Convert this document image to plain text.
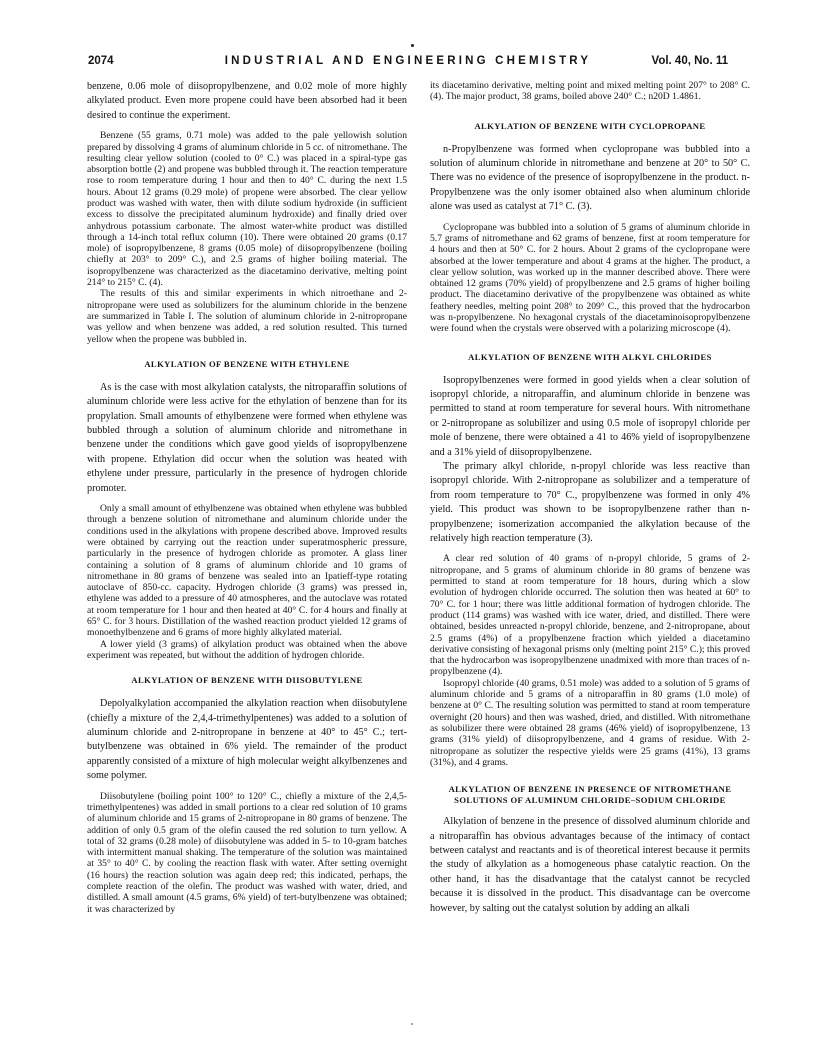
2074	INDUSTRIAL AND ENGINEERING CHEMISTRY	Vol. 40, No. 11

benzene, 0.06 mole of diisopropylbenzene, and 0.02 mole of more highly alkylated product. Even more propene could have been absorbed had it been desired to continue the experiment.

Benzene (55 grams, 0.71 mole) was added to the pale yellowish solution prepared by dissolving 4 grams of aluminum chloride in 5 cc. of nitromethane. The resulting clear yellow solution (cooled to 0° C.) was placed in a spiral-type gas absorption bottle (2) and propene was bubbled through it. The reaction temperature rose to room temperature during 1 hour and then to 40° C. during the next 1.5 hours. About 12 grams (0.29 mole) of propene were absorbed. The clear yellow product was washed with water, then with dilute sodium hydroxide (in sufficient excess to dissolve the precipitated aluminum hydroxide) and finally dried over anhydrous potassium carbonate. The almost water-white product was distilled through a 14-inch total reflux column (10). There were obtained 20 grams (0.17 mole) of isopropylbenzene, 8 grams (0.05 mole) of diisopropylbenzene (boiling chiefly at 203° to 209° C.), and 2.5 grams of higher boiling material. The isopropylbenzene was characterized as the diacetamino derivative, melting point 214° to 215° C. (4).

The results of this and similar experiments in which nitroethane and 2-nitropropane were used as solubilizers for the aluminum chloride in the benzene are summarized in Table I. The solution of aluminum chloride in 2-nitropropane was yellow and when benzene was added, a red solution resulted. This turned yellow when the propene was bubbled in.

ALKYLATION OF BENZENE WITH ETHYLENE

As is the case with most alkylation catalysts, the nitroparaffin solutions of aluminum chloride were less active for the ethylation of benzene than for its propylation. Small amounts of ethylbenzene were formed when ethylene was bubbled through a solution of aluminum chloride and nitromethane in benzene under the conditions which gave good yields of isopropylbenzene with propene. Ethylation did occur when the solution was heated with ethylene under pressure, particularly in the presence of hydrogen chloride promoter.

Only a small amount of ethylbenzene was obtained when ethylene was bubbled through a benzene solution of nitromethane and aluminum chloride under the conditions used in the alkylations with propene described above. Improved results were obtained by carrying out the reaction under superatmospheric pressure, particularly in the presence of hydrogen chloride as promoter. A glass liner containing a solution of 8 grams of aluminum chloride and 10 grams of nitromethane in 80 grams of benzene was sealed into an Ipatieff-type rotating autoclave of 850-cc. capacity. Hydrogen chloride (3 grams) was pressed in, ethylene was added to a pressure of 40 atmospheres, and the autoclave was rotated at room temperature for 1 hour and then heated at 40° C. for 4 hours and finally at 65° C. for 3 hours. Distillation of the washed reaction product yielded 12 grams of monoethylbenzene and 6 grams of more highly alkylated material.

A lower yield (3 grams) of alkylation product was obtained when the above experiment was repeated, but without the addition of hydrogen chloride.

ALKYLATION OF BENZENE WITH DIISOBUTYLENE

Depolyalkylation accompanied the alkylation reaction when diisobutylene (chiefly a mixture of the 2,4,4-trimethylpentenes) was added to a solution of aluminum chloride and 2-nitropropane in benzene at 40° to 45° C.; tert-butylbenzene was obtained in 6% yield. The remainder of the product apparently consisted of a mixture of high molecular weight alkylbenzenes and some polymer.

Diisobutylene (boiling point 100° to 120° C., chiefly a mixture of the 2,4,5-trimethylpentenes) was added in small portions to a clear red solution of 10 grams of aluminum chloride and 15 grams of 2-nitropropane in 80 grams of benzene. The addition of only 0.5 gram of the olefin caused the red solution to turn yellow. A total of 32 grams (0.28 mole) of diisobutylene was added in 5- to 10-gram batches with intermittent manual shaking. The temperature of the solution was maintained at 35° to 40° C. by cooling the reaction flask with water. After setting overnight (16 hours) the reaction solution was again deep red; this indicated, perhaps, the complete reaction of the olefin. The product was washed with water, dried, and distilled. A small amount (4.5 grams, 6% yield) of tert-butylbenzene was obtained; it was characterized by

its diacetamino derivative, melting point and mixed melting point 207° to 208° C. (4). The major product, 38 grams, boiled above 240° C.; n20D 1.4861.

ALKYLATION OF BENZENE WITH CYCLOPROPANE

n-Propylbenzene was formed when cyclopropane was bubbled into a solution of aluminum chloride in nitromethane and benzene at 20° to 50° C. There was no evidence of the presence of isopropylbenzene in the product. n-Propylbenzene was the only isomer obtained also when aluminum chloride alone was used as catalyst at 71° C. (3).

Cyclopropane was bubbled into a solution of 5 grams of aluminum chloride in 5.7 grams of nitromethane and 62 grams of benzene, first at room temperature for 4 hours and then at 50° C. for 2 hours. About 2 grams of the cyclopropane were absorbed at the lower temperature and about 4 grams at the higher. The product, a clear yellow solution, was worked up in the manner described above. There were obtained 12 grams (70% yield) of propylbenzene and 2.5 grams of higher boiling product. The diacetamino derivative of the propylbenzene was obtained as white feathery needles, melting point 208° to 209° C., this proved that the hydrocarbon was n-propylbenzene. No hexagonal crystals of the diacetaminoisopropylbenzene were found when the crystals were observed with a polarizing microscope (4).

ALKYLATION OF BENZENE WITH ALKYL CHLORIDES

Isopropylbenzenes were formed in good yields when a clear solution of isopropyl chloride, a nitroparaffin, and aluminum chloride in benzene was permitted to stand at room temperature for several hours. With nitromethane or 2-nitropropane as solubilizer and using 0.5 mole of isopropyl chloride per mole of benzene, there were obtained a 41 to 46% yield of isopropylbenzene and a 31% yield of diisopropylbenzene.

The primary alkyl chloride, n-propyl chloride was less reactive than isopropyl chloride. With 2-nitropropane as solubilizer and a temperature of from room temperature to 70° C., propylbenzene was formed in only 4% yield. This product was shown to be isopropylbenzene rather than n-propylbenzene; isomerization accompanied the alkylation because of the relatively high reaction temperature (3).

A clear red solution of 40 grams of n-propyl chloride, 5 grams of 2-nitropropane, and 5 grams of aluminum chloride in 80 grams of benzene was permitted to stand at room temperature for 18 hours, during which a slow evolution of hydrogen chloride occurred. The solution then was heated at 60° to 70° C. for 1 hour; there was little additional formation of hydrogen chloride. The product (114 grams) was washed with ice water, dried, and distilled. There were obtained, besides unreacted n-propyl chloride, benzene, and 2-nitropropane, about 2.5 grams (4%) of a propylbenzene fraction which yielded a diacetamino derivative consisting of hexagonal prisms only (melting point 215° C.); this proved that the hydrocarbon was isopropylbenzene unadmixed with more than traces of n-propylbenzene (4).

Isopropyl chloride (40 grams, 0.51 mole) was added to a solution of 5 grams of aluminum chloride and 5 grams of a nitroparaffin in 80 grams (1.0 mole) of benzene at 0° C. The resulting solution was permitted to stand at room temperature overnight (20 hours) and then was washed, dried, and distilled. With nitromethane as solubilizer there were obtained 28 grams (46% yield) of isopropylbenzene, 13 grams (31% yield) of diisopropylbenzene, and 4 grams of residue. With 2-nitropropane as solutizer the respective yields were 25 grams (41%), 13 grams (31%), and 4 grams.

ALKYLATION OF BENZENE IN PRESENCE OF NITROMETHANE
SOLUTIONS OF ALUMINUM CHLORIDE–SODIUM CHLORIDE

Alkylation of benzene in the presence of dissolved aluminum chloride and a nitroparaffin has obvious advantages because of the intimacy of contact between catalyst and reactants and is of theoretical interest because it permits the study of alkylation as a homogeneous phase catalytic reaction. On the other hand, it has the disadvantage that the catalyst cannot be recycled because it is dissolved in the product. This disadvantage can be overcome however, by salting out the catalyst solution by adding an alkali
